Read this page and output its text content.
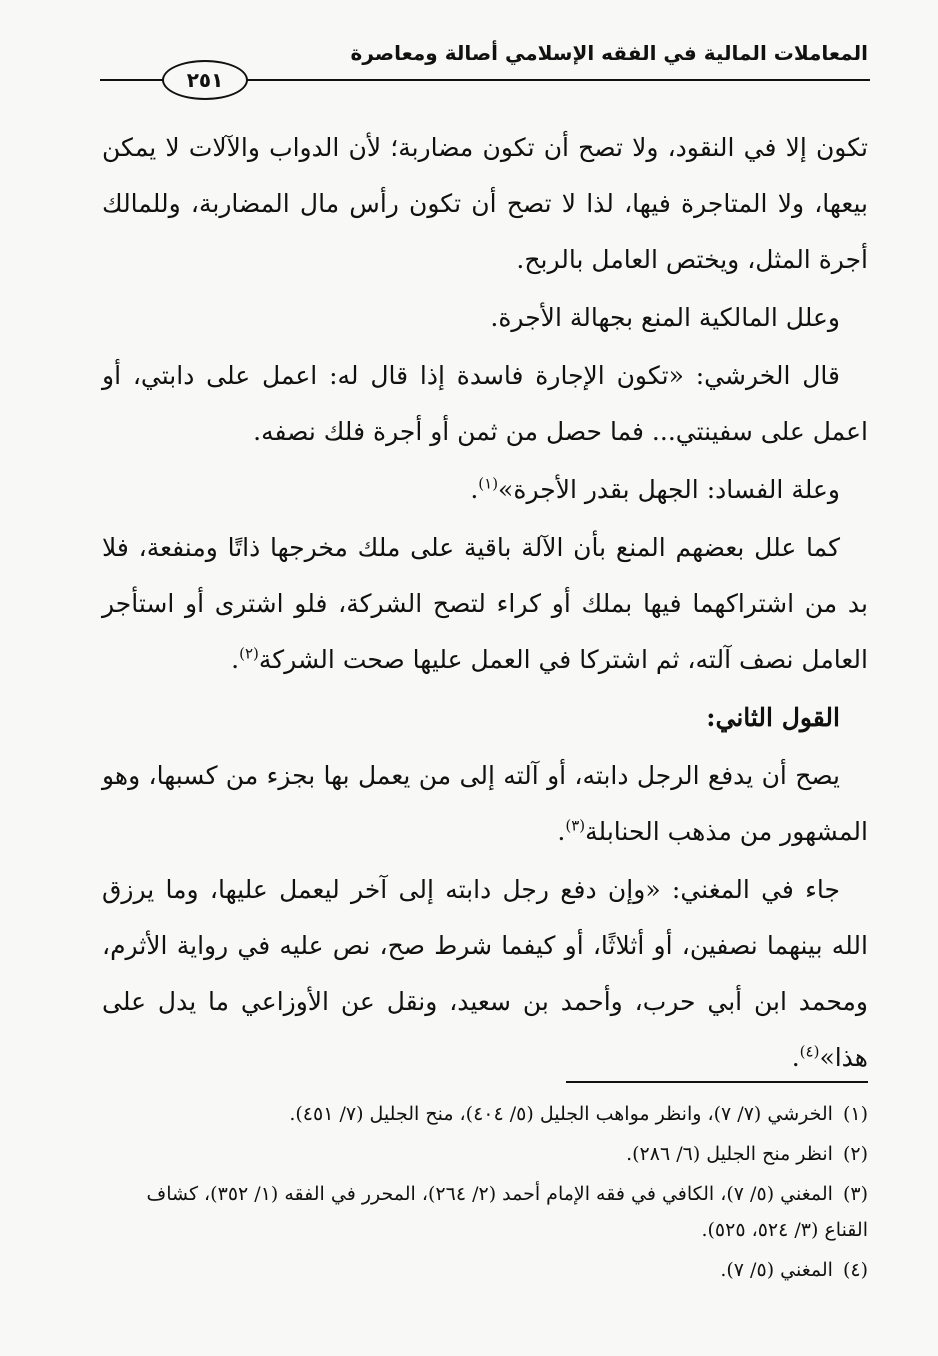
المعاملات المالية في الفقه الإسلامي أصالة ومعاصرة
٢٥١

تكون إلا في النقود، ولا تصح أن تكون مضاربة؛ لأن الدواب والآلات لا يمكن بيعها، ولا المتاجرة فيها، لذا لا تصح أن تكون رأس مال المضاربة، وللمالك أجرة المثل، ويختص العامل بالربح.

وعلل المالكية المنع بجهالة الأجرة.

قال الخرشي: «تكون الإجارة فاسدة إذا قال له: اعمل على دابتي، أو اعمل على سفينتي... فما حصل من ثمن أو أجرة فلك نصفه.

وعلة الفساد: الجهل بقدر الأجرة»$^{(١)}$.

كما علل بعضهم المنع بأن الآلة باقية على ملك مخرجها ذاتًا ومنفعة، فلا بد من اشتراكهما فيها بملك أو كراء لتصح الشركة، فلو اشترى أو استأجر العامل نصف آلته، ثم اشتركا في العمل عليها صحت الشركة$^{(٢)}$.

القول الثاني:

يصح أن يدفع الرجل دابته، أو آلته إلى من يعمل بها بجزء من كسبها، وهو المشهور من مذهب الحنابلة$^{(٣)}$.

جاء في المغني: «وإن دفع رجل دابته إلى آخر ليعمل عليها، وما يرزق الله بينهما نصفين، أو أثلاثًا، أو كيفما شرط صح، نص عليه في رواية الأثرم، ومحمد ابن أبي حرب، وأحمد بن سعيد، ونقل عن الأوزاعي ما يدل على هذا»$^{(٤)}$.

(١)الخرشي (٧/ ٧)، وانظر مواهب الجليل (٥/ ٤٠٤)، منح الجليل (٧/ ٤٥١).
(٢)انظر منح الجليل (٦/ ٢٨٦).
(٣)المغني (٥/ ٧)، الكافي في فقه الإمام أحمد (٢/ ٢٦٤)، المحرر في الفقه (١/ ٣٥٢)، كشاف القناع (٣/ ٥٢٤، ٥٢٥).
(٤)المغني (٥/ ٧).
